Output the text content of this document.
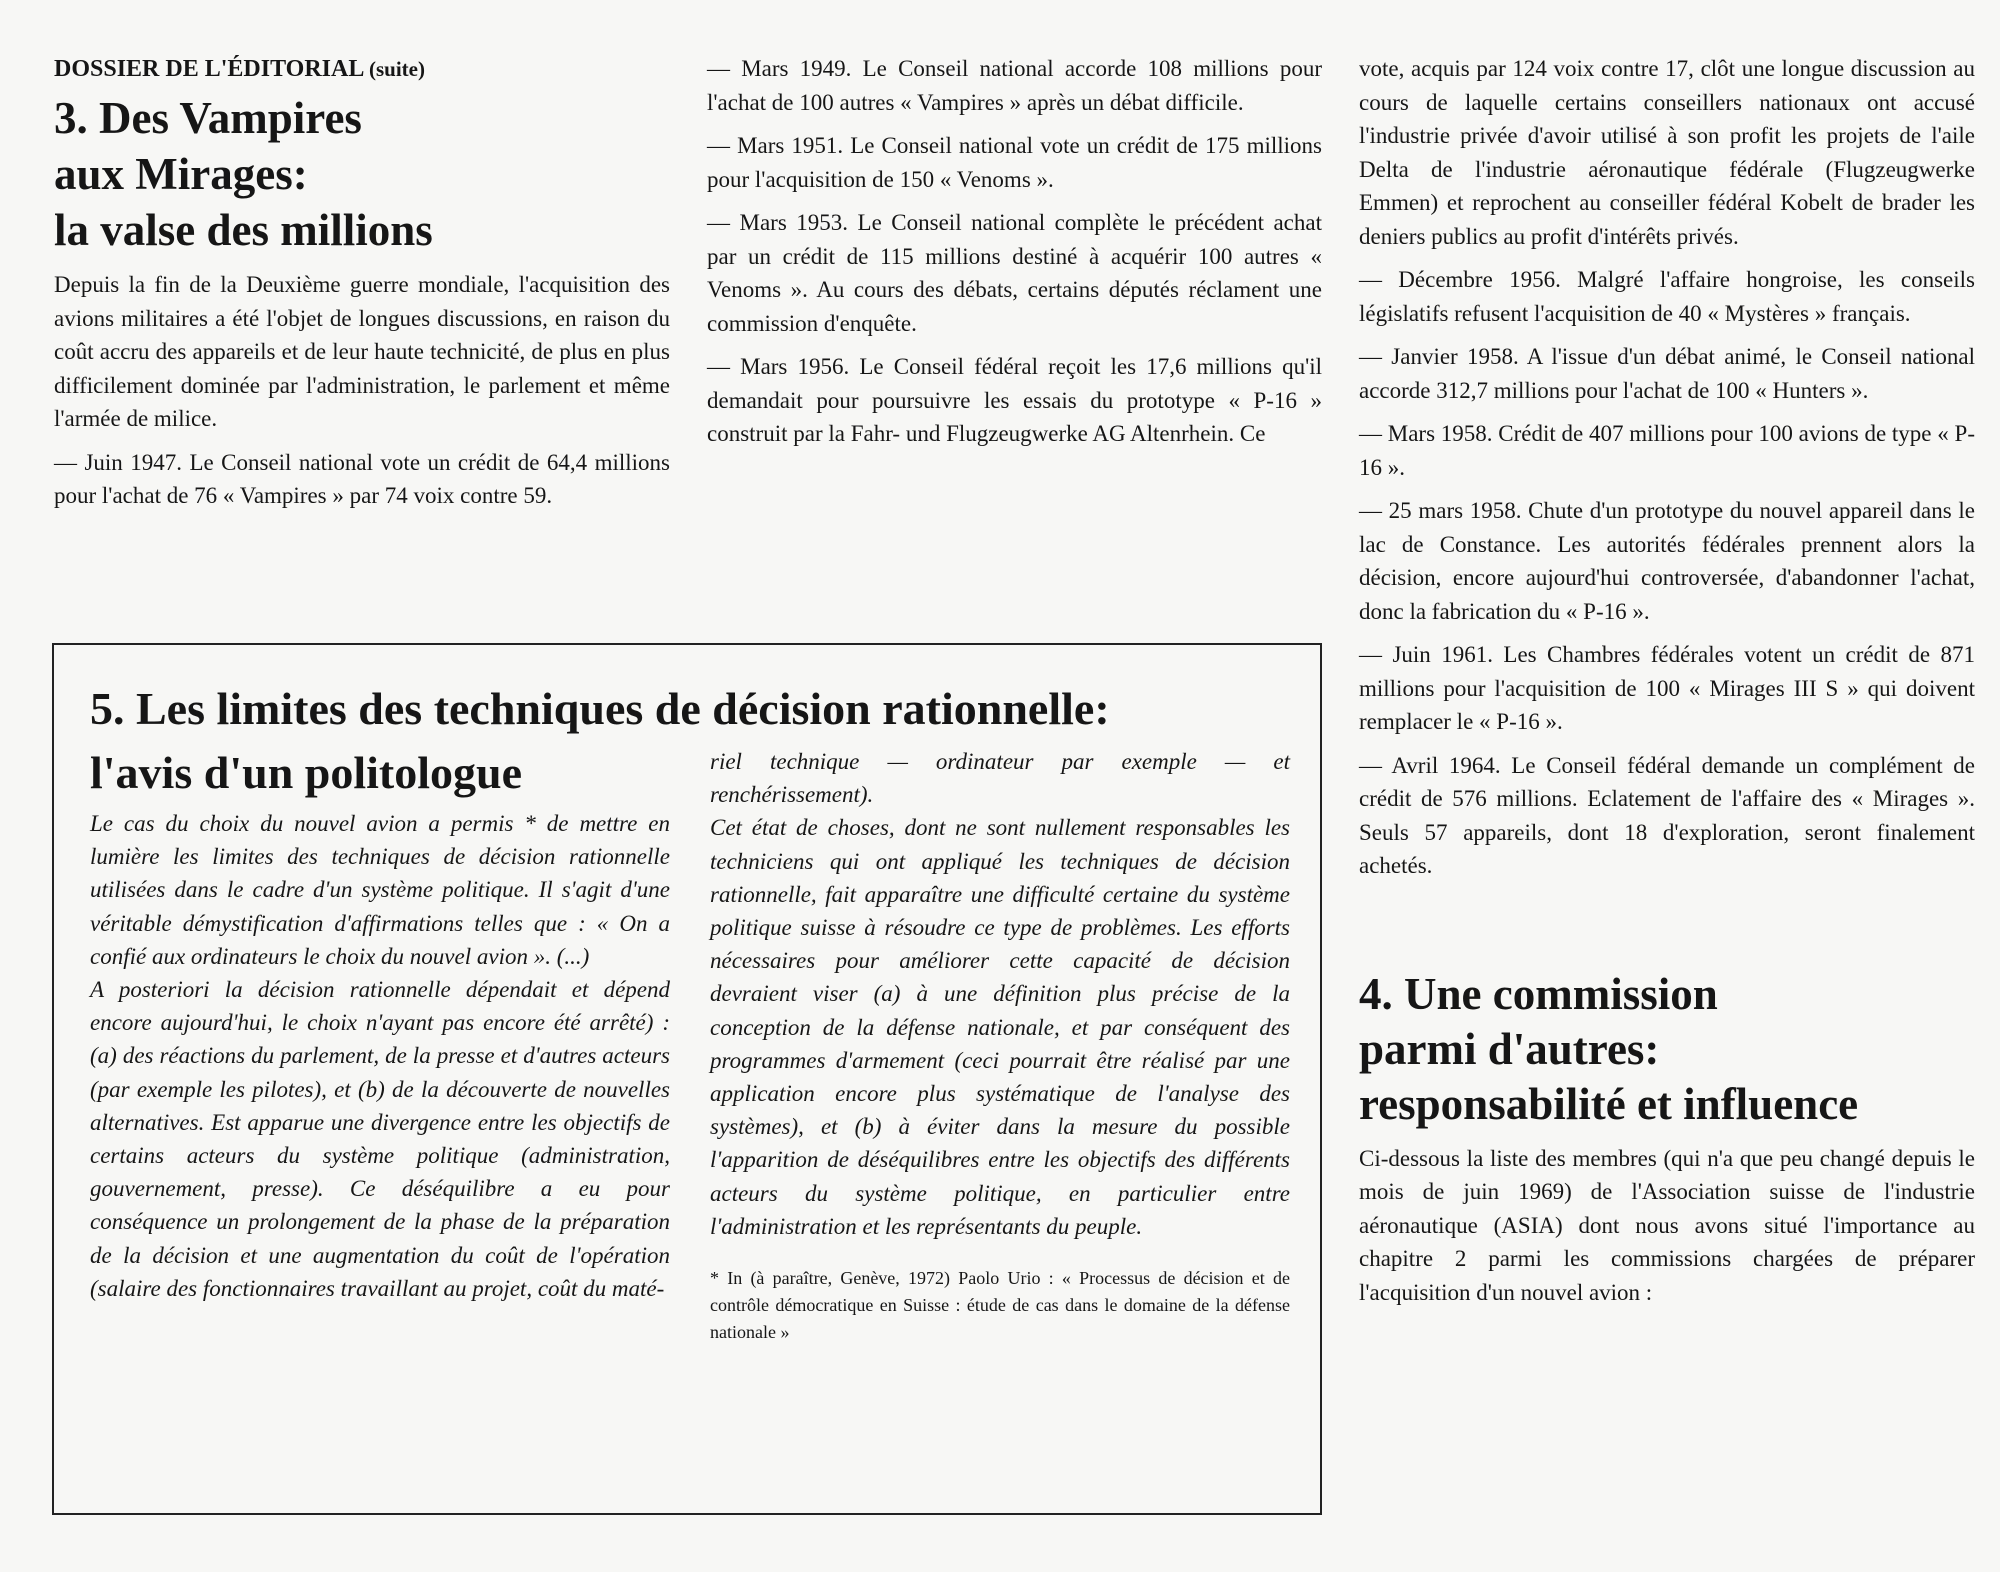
DOSSIER DE L'ÉDITORIAL (suite)
3. Des Vampires
aux Mirages:
la valse des millions

Depuis la fin de la Deuxième guerre mondiale, l'acquisition des avions militaires a été l'objet de longues discussions, en raison du coût accru des appareils et de leur haute technicité, de plus en plus difficilement dominée par l'administration, le parlement et même l'armée de milice.

— Juin 1947. Le Conseil national vote un crédit de 64,4 millions pour l'achat de 76 « Vampires » par 74 voix contre 59.

— Mars 1949. Le Conseil national accorde 108 millions pour l'achat de 100 autres « Vampires » après un débat difficile.

— Mars 1951. Le Conseil national vote un crédit de 175 millions pour l'acquisition de 150 « Venoms ».

— Mars 1953. Le Conseil national complète le précédent achat par un crédit de 115 millions destiné à acquérir 100 autres « Venoms ». Au cours des débats, certains députés réclament une commission d'enquête.

— Mars 1956. Le Conseil fédéral reçoit les 17,6 millions qu'il demandait pour poursuivre les essais du prototype « P-16 » construit par la Fahr- und Flugzeugwerke AG Altenrhein. Ce

vote, acquis par 124 voix contre 17, clôt une longue discussion au cours de laquelle certains conseillers nationaux ont accusé l'industrie privée d'avoir utilisé à son profit les projets de l'aile Delta de l'industrie aéronautique fédérale (Flugzeugwerke Emmen) et reprochent au conseiller fédéral Kobelt de brader les deniers publics au profit d'intérêts privés.

— Décembre 1956. Malgré l'affaire hongroise, les conseils législatifs refusent l'acquisition de 40 « Mystères » français.

— Janvier 1958. A l'issue d'un débat animé, le Conseil national accorde 312,7 millions pour l'achat de 100 « Hunters ».

— Mars 1958. Crédit de 407 millions pour 100 avions de type « P-16 ».

— 25 mars 1958. Chute d'un prototype du nouvel appareil dans le lac de Constance. Les autorités fédérales prennent alors la décision, encore aujourd'hui controversée, d'abandonner l'achat, donc la fabrication du « P-16 ».

— Juin 1961. Les Chambres fédérales votent un crédit de 871 millions pour l'acquisition de 100 « Mirages III S » qui doivent remplacer le « P-16 ».

— Avril 1964. Le Conseil fédéral demande un complément de crédit de 576 millions. Eclatement de l'affaire des « Mirages ». Seuls 57 appareils, dont 18 d'exploration, seront finalement achetés.

4. Une commission
parmi d'autres:
responsabilité et influence

Ci-dessous la liste des membres (qui n'a que peu changé depuis le mois de juin 1969) de l'Association suisse de l'industrie aéronautique (ASIA) dont nous avons situé l'importance au chapitre 2 parmi les commissions chargées de préparer l'acquisition d'un nouvel avion :

5. Les limites des techniques de décision rationnelle:
l'avis d'un politologue

Le cas du choix du nouvel avion a permis * de mettre en lumière les limites des techniques de décision rationnelle utilisées dans le cadre d'un système politique. Il s'agit d'une véritable démystification d'affirmations telles que : « On a confié aux ordinateurs le choix du nouvel avion ». (...)

A posteriori la décision rationnelle dépendait et dépend encore aujourd'hui, le choix n'ayant pas encore été arrêté) : (a) des réactions du parlement, de la presse et d'autres acteurs (par exemple les pilotes), et (b) de la découverte de nouvelles alternatives. Est apparue une divergence entre les objectifs de certains acteurs du système politique (administration, gouvernement, presse). Ce déséquilibre a eu pour conséquence un prolongement de la phase de la préparation de la décision et une augmentation du coût de l'opération (salaire des fonctionnaires travaillant au projet, coût du maté-

riel technique — ordinateur par exemple — et renchérissement).

Cet état de choses, dont ne sont nullement responsables les techniciens qui ont appliqué les techniques de décision rationnelle, fait apparaître une difficulté certaine du système politique suisse à résoudre ce type de problèmes. Les efforts nécessaires pour améliorer cette capacité de décision devraient viser (a) à une définition plus précise de la conception de la défense nationale, et par conséquent des programmes d'armement (ceci pourrait être réalisé par une application encore plus systématique de l'analyse des systèmes), et (b) à éviter dans la mesure du possible l'apparition de déséquilibres entre les objectifs des différents acteurs du système politique, en particulier entre l'administration et les représentants du peuple.

* In (à paraître, Genève, 1972) Paolo Urio : « Processus de décision et de contrôle démocratique en Suisse : étude de cas dans le domaine de la défense nationale »
